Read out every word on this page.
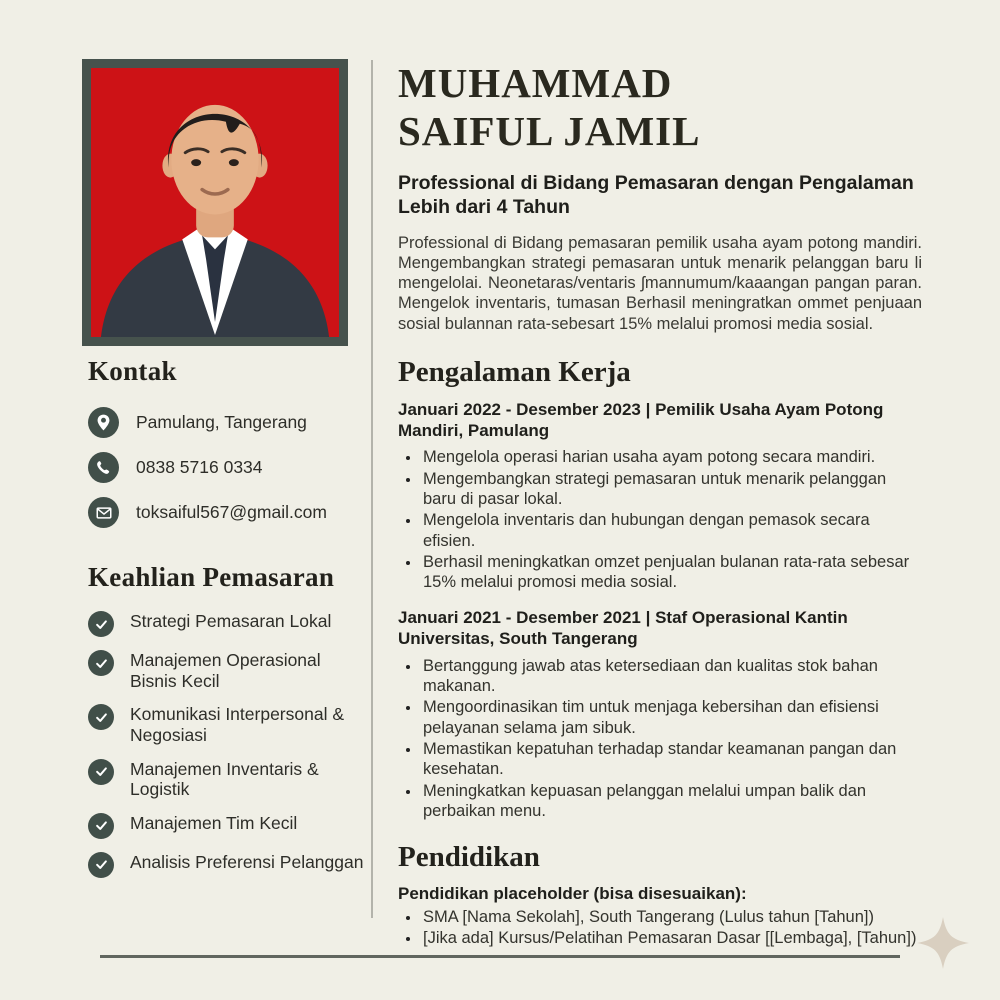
Kontak
Pamulang, Tangerang
0838 5716 0334
toksaiful567@gmail.com
Keahlian Pemasaran
Strategi Pemasaran Lokal
Manajemen Operasional Bisnis Kecil
Komunikasi Interpersonal & Negosiasi
Manajemen Inventaris & Logistik
Manajemen Tim Kecil
Analisis Preferensi Pelanggan
MUHAMMAD
SAIFUL JAMIL

Professional di Bidang Pemasaran dengan Pengalaman Lebih dari 4 Tahun

Professional di Bidang pemasaran pemilik usaha ayam potong mandiri. Mengembangkan strategi pemasaran untuk menarik pelanggan baru li mengelolai. Neonetaras/ventaris ʃmannumum/kaaangan pangan paran. Mengelok inventaris, tumasan Berhasil meningratkan ommet penjuaan sosial bulannan rata-sebesart 15% melalui promosi media sosial.

Pengalaman Kerja

Januari 2022 - Desember 2023 | Pemilik Usaha Ayam Potong Mandiri, Pamulang

• Mengelola operasi harian usaha ayam potong secara mandiri.
• Mengembangkan strategi pemasaran untuk menarik pelanggan baru di pasar lokal.
• Mengelola inventaris dan hubungan dengan pemasok secara efisien.
• Berhasil meningkatkan omzet penjualan bulanan rata-rata sebesar 15% melalui promosi media sosial.

Januari 2021 - Desember 2021 | Staf Operasional Kantin Universitas, South Tangerang

• Bertanggung jawab atas ketersediaan dan kualitas stok bahan makanan.
• Mengoordinasikan tim untuk menjaga kebersihan dan efisiensi pelayanan selama jam sibuk.
• Memastikan kepatuhan terhadap standar keamanan pangan dan kesehatan.
• Meningkatkan kepuasan pelanggan melalui umpan balik dan perbaikan menu.
Pendidikan

Pendidikan placeholder (bisa disesuaikan):

• SMA [Nama Sekolah], South Tangerang (Lulus tahun [Tahun])
• [Jika ada] Kursus/Pelatihan Pemasaran Dasar [[Lembaga], [Tahun])
